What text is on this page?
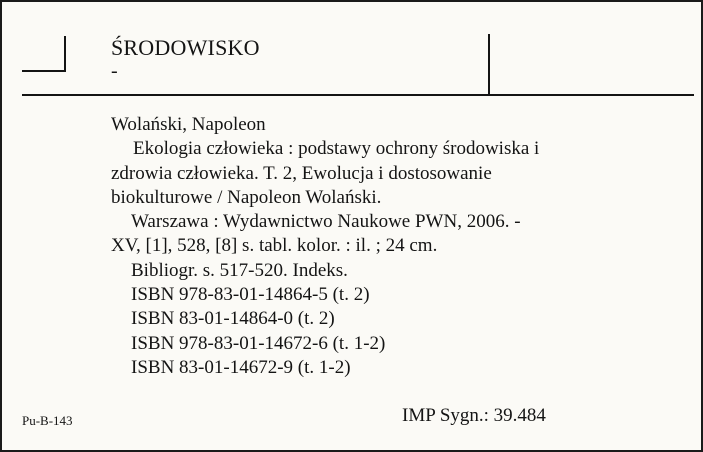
ŚRODOWISKO
-
Wolański, Napoleon
Ekologia człowieka : podstawy ochrony środowiska i
zdrowia człowieka. T. 2, Ewolucja i dostosowanie
biokulturowe / Napoleon Wolański.
Warszawa : Wydawnictwo Naukowe PWN, 2006. -
XV, [1], 528, [8] s. tabl. kolor. : il. ; 24 cm.
Bibliogr. s. 517-520. Indeks.
ISBN 978-83-01-14864-5 (t. 2)
ISBN 83-01-14864-0 (t. 2)
ISBN 978-83-01-14672-6 (t. 1-2)
ISBN 83-01-14672-9 (t. 1-2)
Pu-B-143	IMP Sygn.: 39.484
